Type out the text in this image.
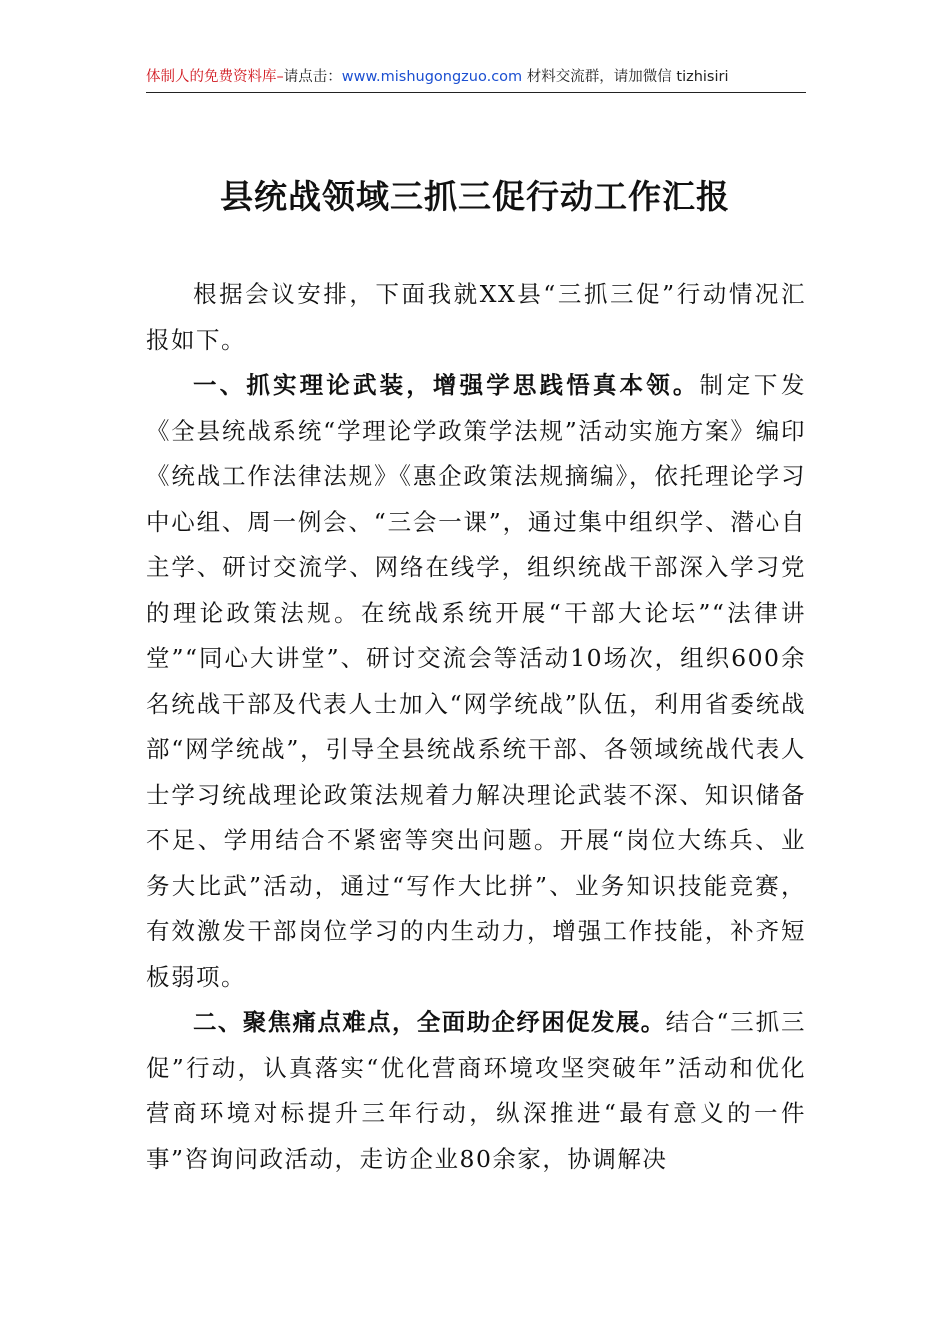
体制人的免费资料库–请点击：www.mishugongzuo.com 材料交流群，请加微信 tizhisiri
县统战领域三抓三促行动工作汇报

根据会议安排，下面我就XX县“三抓三促”行动情况汇报如下。

一、抓实理论武装，增强学思践悟真本领。制定下发《全县统战系统“学理论学政策学法规”活动实施方案》编印《统战工作法律法规》《惠企政策法规摘编》，依托理论学习中心组、周一例会、“三会一课”，通过集中组织学、潜心自主学、研讨交流学、网络在线学，组织统战干部深入学习党的理论政策法规。在统战系统开展“干部大论坛”“法律讲堂”“同心大讲堂”、研讨交流会等活动10场次，组织600余名统战干部及代表人士加入“网学统战”队伍，利用省委统战部“网学统战”，引导全县统战系统干部、各领域统战代表人士学习统战理论政策法规着力解决理论武装不深、知识储备不足、学用结合不紧密等突出问题。开展“岗位大练兵、业务大比武”活动，通过“写作大比拼”、业务知识技能竞赛，有效激发干部岗位学习的内生动力，增强工作技能，补齐短板弱项。

二、聚焦痛点难点，全面助企纾困促发展。结合“三抓三促”行动，认真落实“优化营商环境攻坚突破年”活动和优化营商环境对标提升三年行动，纵深推进“最有意义的一件事”咨询问政活动，走访企业80余家，协调解决
